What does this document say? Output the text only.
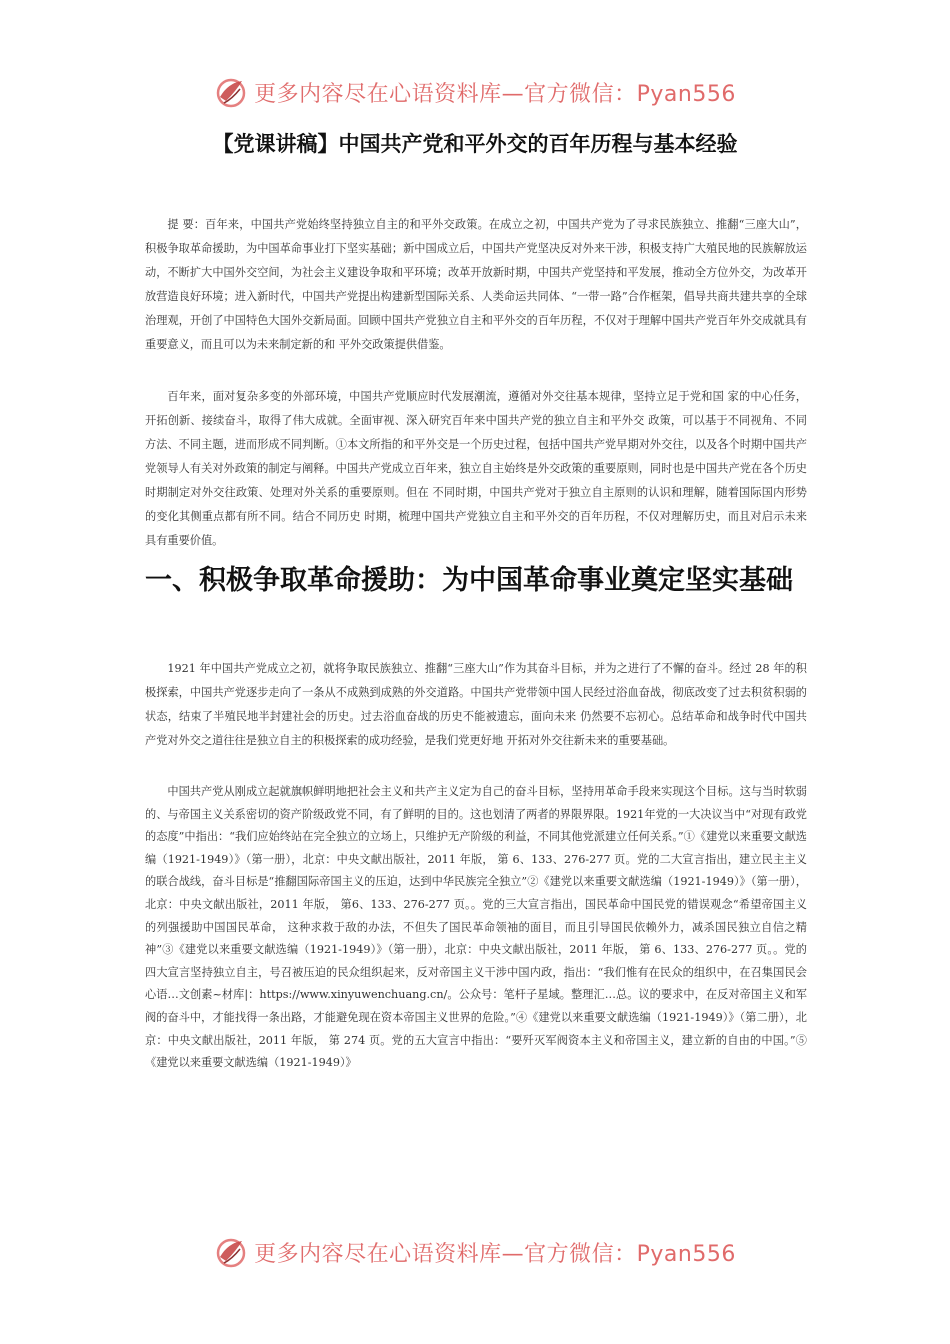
更多内容尽在心语资料库—官方微信：Pyan556
【党课讲稿】中国共产党和平外交的百年历程与基本经验

提 要：百年来，中国共产党始终坚持独立自主的和平外交政策。在成立之初，中国共产党为了寻求民族独立、推翻“三座大山”，积极争取革命援助，为中国革命事业打下坚实基础；新中国成立后，中国共产党坚决反对外来干涉，积极支持广大殖民地的民族解放运动，不断扩大中国外交空间，为社会主义建设争取和平环境；改革开放新时期，中国共产党坚持和平发展，推动全方位外交，为改革开放营造良好环境；进入新时代，中国共产党提出构建新型国际关系、人类命运共同体、“一带一路”合作框架，倡导共商共建共享的全球治理观，开创了中国特色大国外交新局面。回顾中国共产党独立自主和平外交的百年历程，不仅对于理解中国共产党百年外交成就具有重要意义，而且可以为未来制定新的和 平外交政策提供借鉴。

百年来，面对复杂多变的外部环境，中国共产党顺应时代发展潮流，遵循对外交往基本规律，坚持立足于党和国 家的中心任务，开拓创新、接续奋斗，取得了伟大成就。全面审视、深入研究百年来中国共产党的独立自主和平外交 政策，可以基于不同视角、不同方法、不同主题，进而形成不同判断。①本文所指的和平外交是一个历史过程，包括中国共产党早期对外交往，以及各个时期中国共产党领导人有关对外政策的制定与阐释。中国共产党成立百年来，独立自主始终是外交政策的重要原则，同时也是中国共产党在各个历史时期制定对外交往政策、处理对外关系的重要原则。但在 不同时期，中国共产党对于独立自主原则的认识和理解，随着国际国内形势的变化其侧重点都有所不同。结合不同历史 时期，梳理中国共产党独立自主和平外交的百年历程，不仅对理解历史，而且对启示未来具有重要价值。

一、积极争取革命援助：为中国革命事业奠定坚实基础

1921 年中国共产党成立之初，就将争取民族独立、推翻“三座大山”作为其奋斗目标，并为之进行了不懈的奋斗。经过 28 年的积极探索，中国共产党逐步走向了一条从不成熟到成熟的外交道路。中国共产党带领中国人民经过浴血奋战，彻底改变了过去积贫积弱的状态，结束了半殖民地半封建社会的历史。过去浴血奋战的历史不能被遗忘，面向未来 仍然要不忘初心。总结革命和战争时代中国共产党对外交之道往往是独立自主的积极探索的成功经验，是我们党更好地 开拓对外交往新未来的重要基础。

中国共产党从刚成立起就旗帜鲜明地把社会主义和共产主义定为自己的奋斗目标，坚持用革命手段来实现这个目标。这与当时软弱的、与帝国主义关系密切的资产阶级政党不同，有了鲜明的目的。这也划清了两者的界限界限。1921年党的一大决议当中“对现有政党的态度”中指出：“我们应始终站在完全独立的立场上，只维护无产阶级的利益，不同其他党派建立任何关系。”①《建党以来重要文献选编（1921-1949）》（第一册），北京：中央文献出版社，2011 年版， 第 6、133、276-277 页。党的二大宣言指出，建立民主主义的联合战线，奋斗目标是“推翻国际帝国主义的压迫，达到中华民族完全独立”②《建党以来重要文献选编（1921-1949）》（第一册），北京：中央文献出版社，2011 年版， 第6、133、276-277 页。。党的三大宣言指出，国民革命中国民党的错误观念“希望帝国主义的列强援助中国国民革命， 这种求救于敌的办法，不但失了国民革命领袖的面目，而且引导国民依赖外力，减杀国民独立自信之精神”③《建党以来重要文献选编（1921-1949）》（第一册），北京：中央文献出版社，2011 年版， 第 6、133、276-277 页。。党的四大宣言坚持独立自主，号召被压迫的民众组织起来，反对帝国主义干涉中国内政，指出：“我们惟有在民众的组织中，在召集国民会心语…文创素~材库|：https://www.xinyuwenchuang.cn/。公众号：笔杆子星域。整理汇…总。议的要求中，在反对帝国主义和军阀的奋斗中，才能找得一条出路，才能避免现在资本帝国主义世界的危险。”④《建党以来重要文献选编（1921-1949）》（第二册），北京：中央文献出版社，2011 年版， 第 274 页。党的五大宣言中指出：“要歼灭军阀资本主义和帝国主义，建立新的自由的中国。”⑤《建党以来重要文献选编（1921-1949）》

更多内容尽在心语资料库—官方微信：Pyan556
